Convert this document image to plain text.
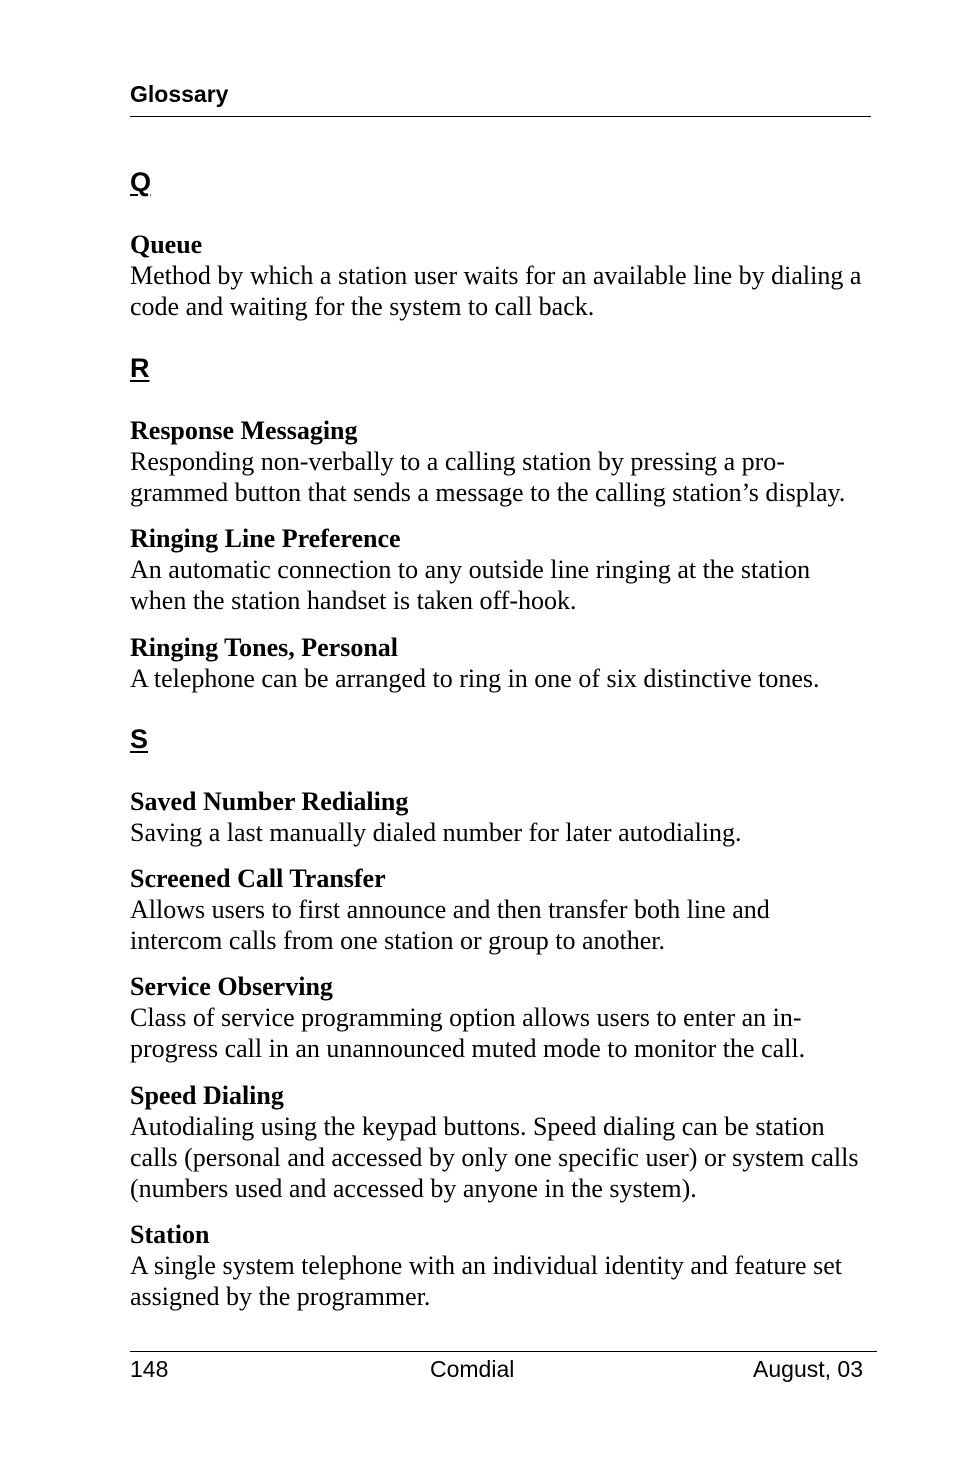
Glossary
Q
Queue
Method by which a station user waits for an available line by dialing a
code and waiting for the system to call back.
R
Response Messaging
Responding non-verbally to a calling station by pressing a pro-
grammed button that sends a message to the calling station’s display.
Ringing Line Preference
An automatic connection to any outside line ringing at the station
when the station handset is taken off-hook.
Ringing Tones, Personal
A telephone can be arranged to ring in one of six distinctive tones.
S
Saved Number Redialing
Saving a last manually dialed number for later autodialing.
Screened Call Transfer
Allows users to first announce and then transfer both line and
intercom calls from one station or group to another.
Service Observing
Class of service programming option allows users to enter an in-
progress call in an unannounced muted mode to monitor the call.
Speed Dialing
Autodialing using the keypad buttons. Speed dialing can be station
calls (personal and accessed by only one specific user) or system calls
(numbers used and accessed by anyone in the system).
Station
A single system telephone with an individual identity and feature set
assigned by the programmer.
148	Comdial	August, 03
